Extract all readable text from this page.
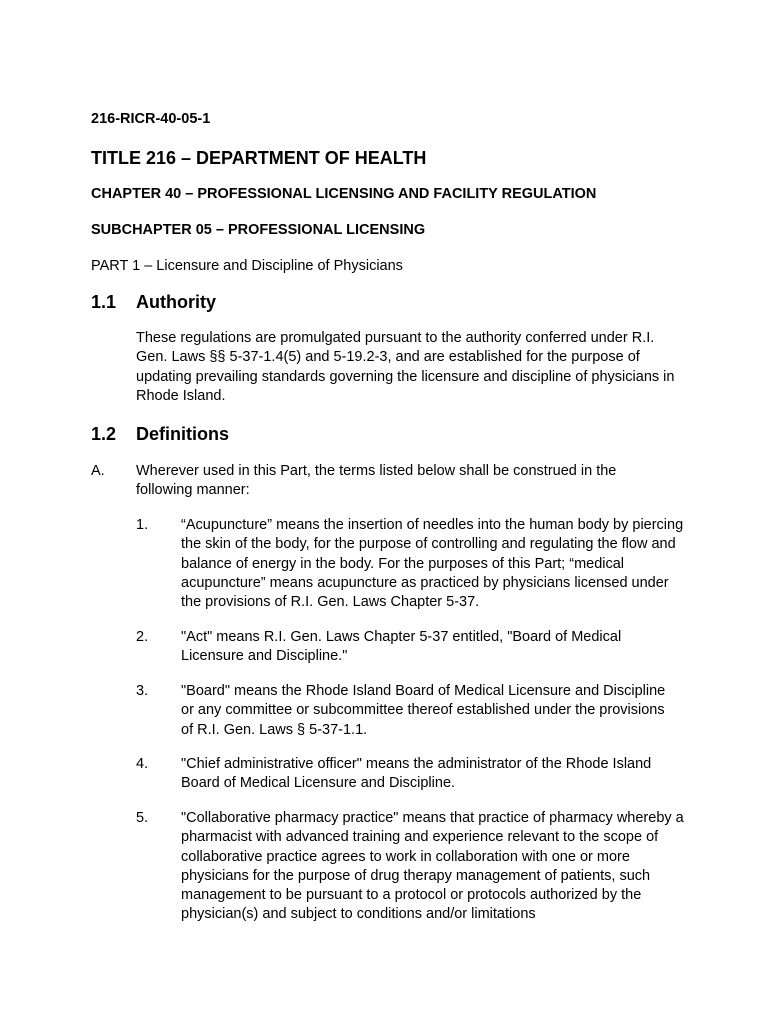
216-RICR-40-05-1
TITLE 216 – DEPARTMENT OF HEALTH
CHAPTER 40 – PROFESSIONAL LICENSING AND FACILITY REGULATION
SUBCHAPTER 05 – PROFESSIONAL LICENSING
PART 1 – Licensure and Discipline of Physicians
1.1 Authority
These regulations are promulgated pursuant to the authority conferred under R.I. Gen. Laws §§ 5-37-1.4(5) and 5-19.2-3, and are established for the purpose of updating prevailing standards governing the licensure and discipline of physicians in Rhode Island.
1.2 Definitions
A. Wherever used in this Part, the terms listed below shall be construed in the following manner:
1. “Acupuncture” means the insertion of needles into the human body by piercing the skin of the body, for the purpose of controlling and regulating the flow and balance of energy in the body. For the purposes of this Part; “medical acupuncture” means acupuncture as practiced by physicians licensed under the provisions of R.I. Gen. Laws Chapter 5-37.
2. "Act" means R.I. Gen. Laws Chapter 5-37 entitled, "Board of Medical Licensure and Discipline."
3. "Board" means the Rhode Island Board of Medical Licensure and Discipline or any committee or subcommittee thereof established under the provisions of R.I. Gen. Laws § 5-37-1.1.
4. "Chief administrative officer" means the administrator of the Rhode Island Board of Medical Licensure and Discipline.
5. "Collaborative pharmacy practice" means that practice of pharmacy whereby a pharmacist with advanced training and experience relevant to the scope of collaborative practice agrees to work in collaboration with one or more physicians for the purpose of drug therapy management of patients, such management to be pursuant to a protocol or protocols authorized by the physician(s) and subject to conditions and/or limitations
